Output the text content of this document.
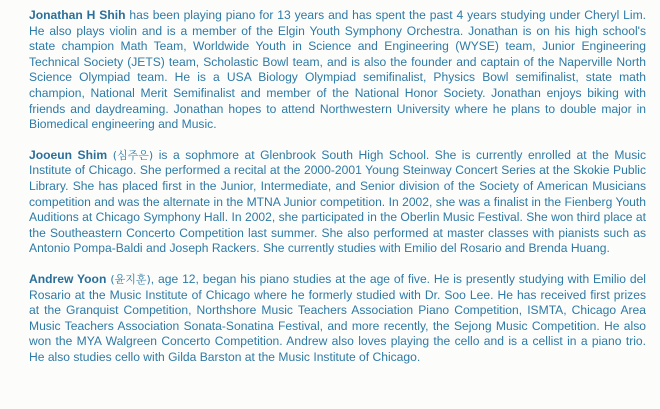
Jonathan H Shih has been playing piano for 13 years and has spent the past 4 years studying under Cheryl Lim. He also plays violin and is a member of the Elgin Youth Symphony Orchestra. Jonathan is on his high school's state champion Math Team, Worldwide Youth in Science and Engineering (WYSE) team, Junior Engineering Technical Society (JETS) team, Scholastic Bowl team, and is also the founder and captain of the Naperville North Science Olympiad team. He is a USA Biology Olympiad semifinalist, Physics Bowl semifinalist, state math champion, National Merit Semifinalist and member of the National Honor Society. Jonathan enjoys biking with friends and daydreaming. Jonathan hopes to attend Northwestern University where he plans to double major in Biomedical engineering and Music.

Jooeun Shim (심주은) is a sophmore at Glenbrook South High School. She is currently enrolled at the Music Institute of Chicago. She performed a recital at the 2000-2001 Young Steinway Concert Series at the Skokie Public Library. She has placed first in the Junior, Intermediate, and Senior division of the Society of American Musicians competition and was the alternate in the MTNA Junior competition. In 2002, she was a finalist in the Fienberg Youth Auditions at Chicago Symphony Hall. In 2002, she participated in the Oberlin Music Festival. She won third place at the Southeastern Concerto Competition last summer. She also performed at master classes with pianists such as Antonio Pompa-Baldi and Joseph Rackers. She currently studies with Emilio del Rosario and Brenda Huang.

Andrew Yoon (윤지훈), age 12, began his piano studies at the age of five. He is presently studying with Emilio del Rosario at the Music Institute of Chicago where he formerly studied with Dr. Soo Lee. He has received first prizes at the Granquist Competition, Northshore Music Teachers Association Piano Competition, ISMTA, Chicago Area Music Teachers Association Sonata-Sonatina Festival, and more recently, the Sejong Music Competition. He also won the MYA Walgreen Concerto Competition. Andrew also loves playing the cello and is a cellist in a piano trio. He also studies cello with Gilda Barston at the Music Institute of Chicago.
